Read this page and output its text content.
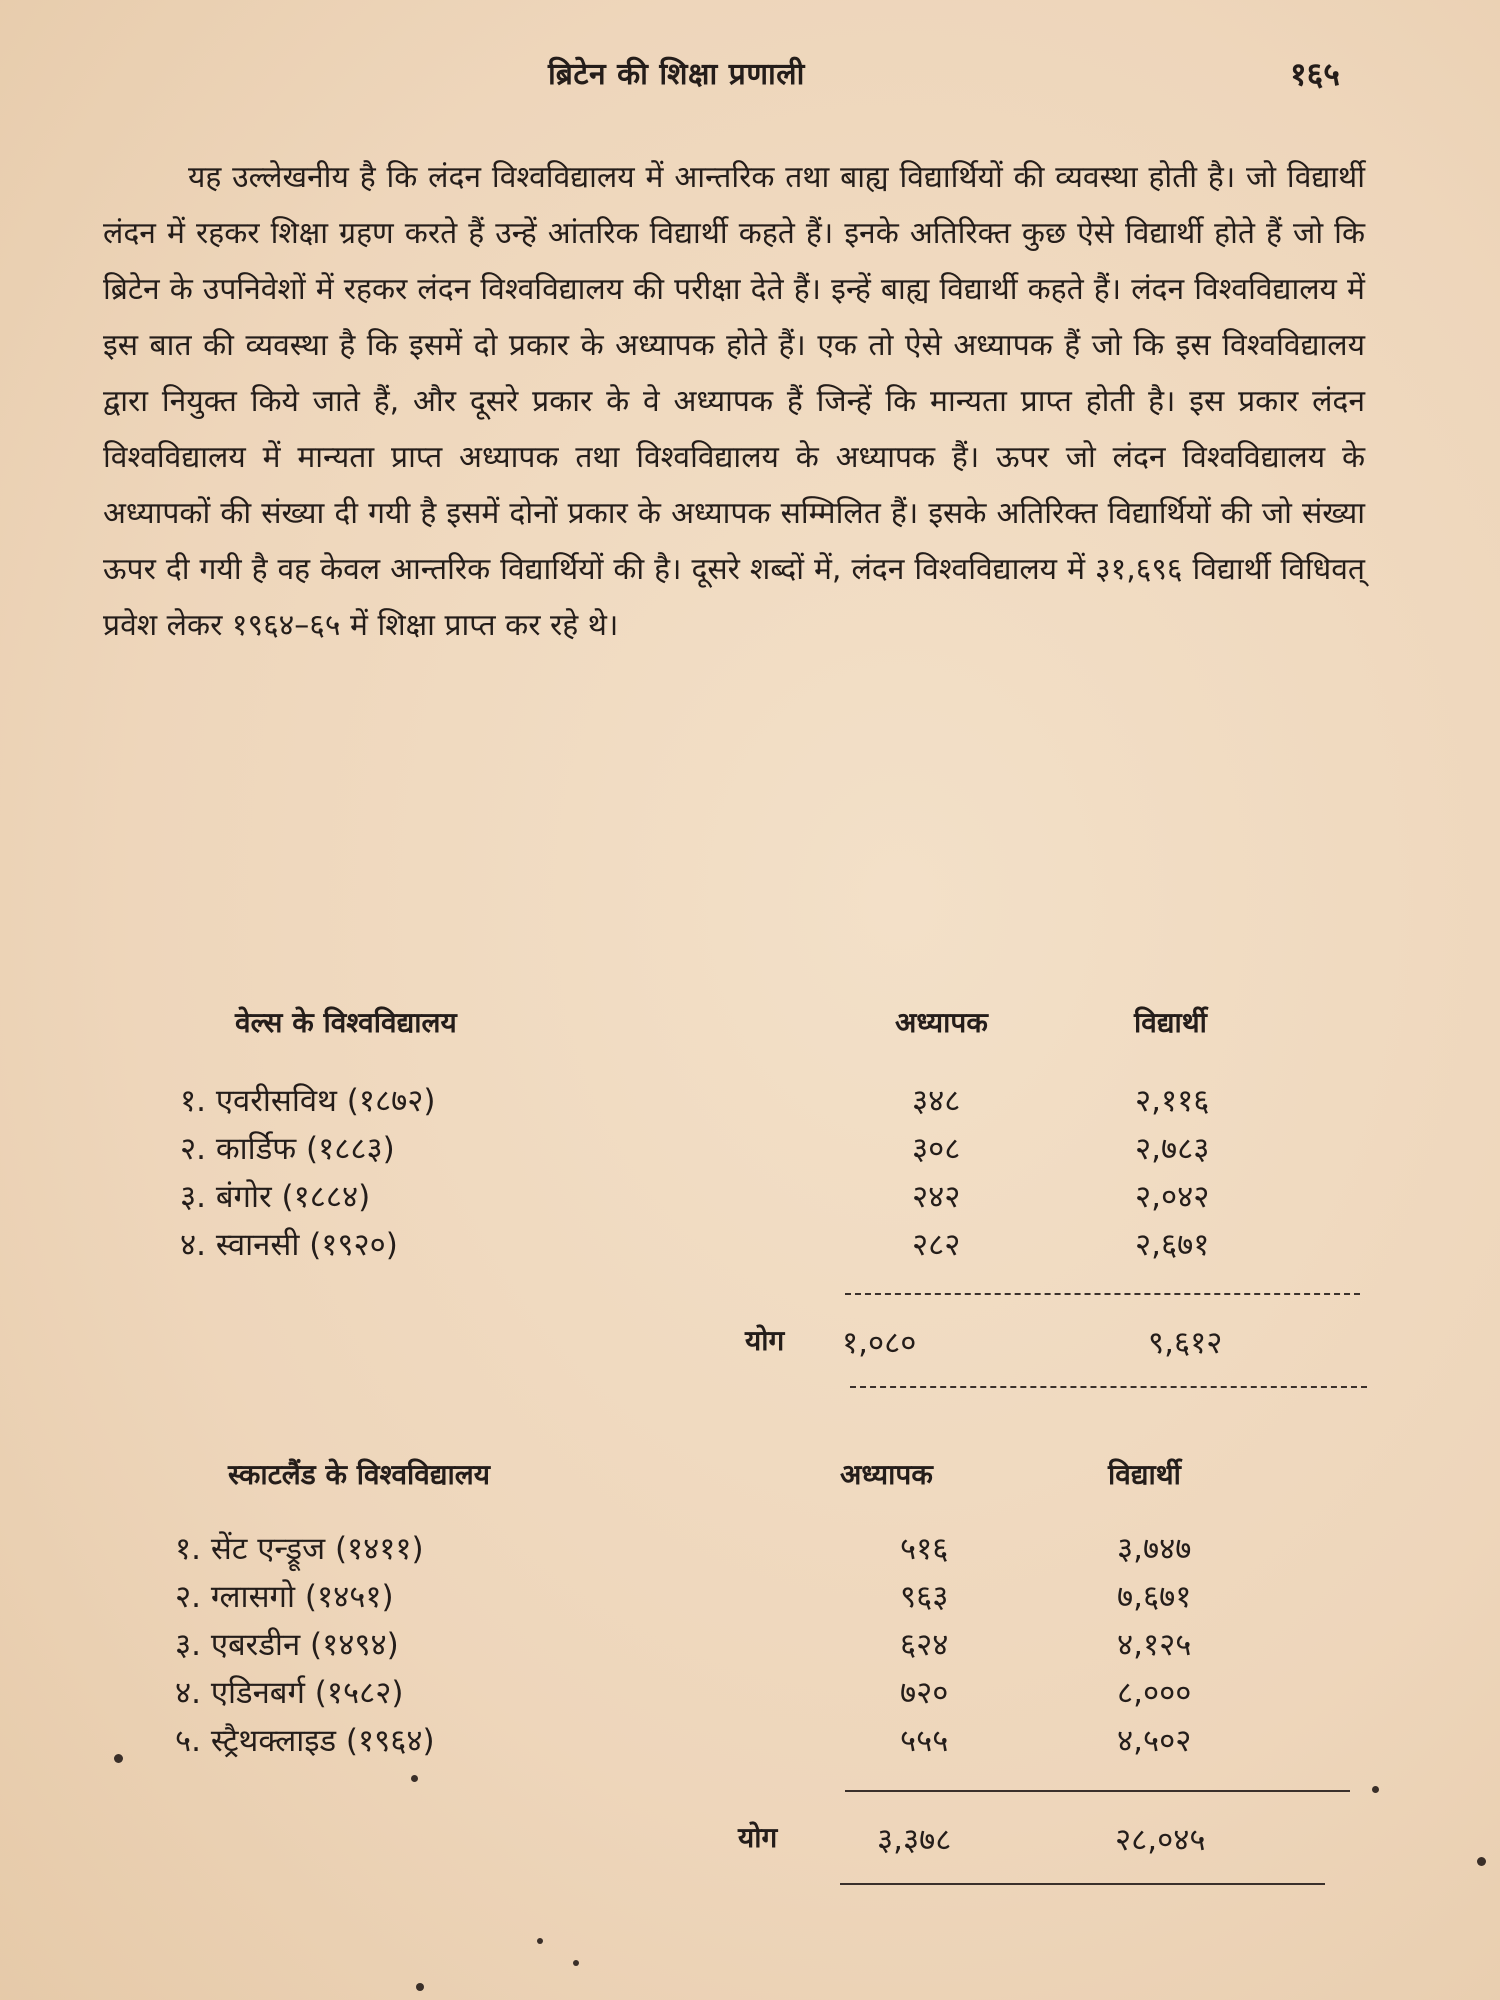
ब्रिटेन की शिक्षा प्रणाली	१६५

यह उल्लेखनीय है कि लंदन विश्वविद्यालय में आन्तरिक तथा बाह्य विद्यार्थियों की व्यवस्था होती है। जो विद्यार्थी लंदन में रहकर शिक्षा ग्रहण करते हैं उन्हें आंतरिक विद्यार्थी कहते हैं। इनके अतिरिक्त कुछ ऐसे विद्यार्थी होते हैं जो कि ब्रिटेन के उपनिवेशों में रहकर लंदन विश्वविद्यालय की परीक्षा देते हैं। इन्हें बाह्य विद्यार्थी कहते हैं। लंदन विश्वविद्यालय में इस बात की व्यवस्था है कि इसमें दो प्रकार के अध्यापक होते हैं। एक तो ऐसे अध्यापक हैं जो कि इस विश्वविद्यालय द्वारा नियुक्त किये जाते हैं, और दूसरे प्रकार के वे अध्यापक हैं जिन्हें कि मान्यता प्राप्त होती है। इस प्रकार लंदन विश्वविद्यालय में मान्यता प्राप्त अध्यापक तथा विश्वविद्यालय के अध्यापक हैं। ऊपर जो लंदन विश्वविद्यालय के अध्यापकों की संख्या दी गयी है इसमें दोनों प्रकार के अध्यापक सम्मिलित हैं। इसके अतिरिक्त विद्यार्थियों की जो संख्या ऊपर दी गयी है वह केवल आन्तरिक विद्यार्थियों की है। दूसरे शब्दों में, लंदन विश्वविद्यालय में ३१,६९६ विद्यार्थी विधिवत् प्रवेश लेकर १९६४–६५ में शिक्षा प्राप्त कर रहे थे।

वेल्स के विश्वविद्यालय	अध्यापक	विद्यार्थी
१. एवरीसविथ (१८७२)	३४८	२,११६
२. कार्डिफ (१८८३)	३०८	२,७८३
३. बंगोर (१८८४)	२४२	२,०४२
४. स्वानसी (१९२०)	२८२	२,६७१
योग १,०८०	९,६१२
स्काटलैंड के विश्वविद्यालय	अध्यापक	विद्यार्थी
१. सेंट एन्ड्रूज (१४११)	५१६	३,७४७
२. ग्लासगो (१४५१)	९६३	७,६७१
३. एबरडीन (१४९४)	६२४	४,१२५
४. एडिनबर्ग (१५८२)	७२०	८,०००
५. स्ट्रैथक्लाइड (१९६४)	५५५	४,५०२
योग	३,३७८	२८,०४५
